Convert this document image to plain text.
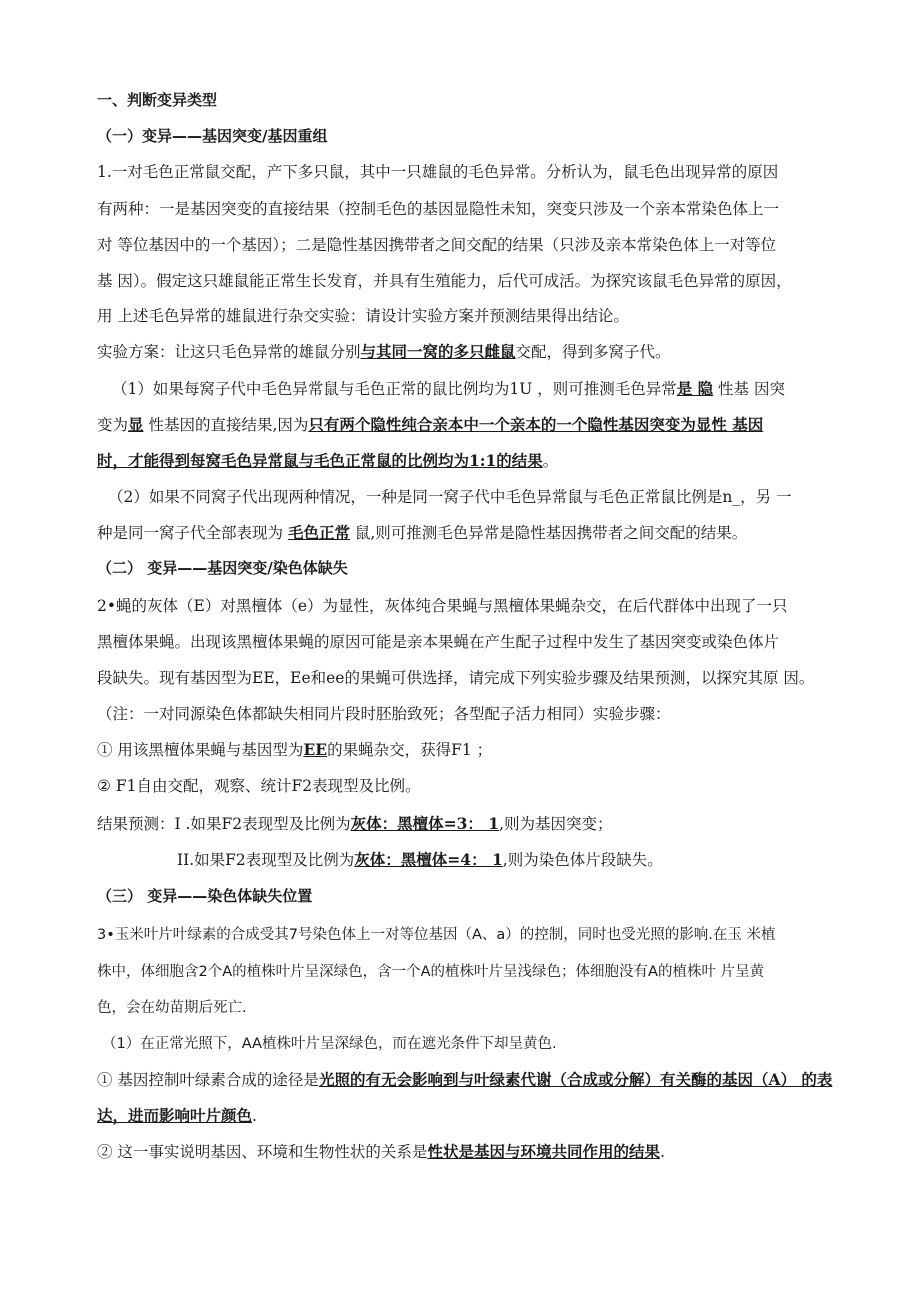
一、判断变异类型
（一）变异——基因突变/基因重组
1.一对毛色正常鼠交配，产下多只鼠，其中一只雄鼠的毛色异常。分析认为，鼠毛色出现异常的原因
有两种：一是基因突变的直接结果（控制毛色的基因显隐性未知，突变只涉及一个亲本常染色体上一
对 等位基因中的一个基因）；二是隐性基因携带者之间交配的结果（只涉及亲本常染色体上一对等位
基 因）。假定这只雄鼠能正常生长发育，并具有生殖能力，后代可成活。为探究该鼠毛色异常的原因，
用 上述毛色异常的雄鼠进行杂交实验：请设计实验方案并预测结果得出结论。
实验方案：让这只毛色异常的雄鼠分别与其同一窝的多只雌鼠交配，得到多窝子代。
（1）如果每窝子代中毛色异常鼠与毛色正常的鼠比例均为1U ，则可推测毛色异常是 隐 性基 因突
变为显 性基因的直接结果,因为只有两个隐性纯合亲本中一个亲本的一个隐性基因突变为显性 基因
时，才能得到每窝毛色异常鼠与毛色正常鼠的比例均为1:1的结果。
（2）如果不同窝子代出现两种情况，一种是同一窝子代中毛色异常鼠与毛色正常鼠比例是n_，另 一
种是同一窝子代全部表现为 毛色正常 鼠,则可推测毛色异常是隐性基因携带者之间交配的结果。
（二） 变异——基因突变/染色体缺失
2•蝇的灰体（E）对黑檀体（e）为显性，灰体纯合果蝇与黑檀体果蝇杂交，在后代群体中出现了一只
黑檀体果蝇。出现该黑檀体果蝇的原因可能是亲本果蝇在产生配子过程中发生了基因突变或染色体片
段缺失。现有基因型为EE，Ee和ee的果蝇可供选择，请完成下列实验步骤及结果预测，以探究其原 因。
（注：一对同源染色体都缺失相同片段时胚胎致死；各型配子活力相同）实验步骤：
① 用该黑檀体果蝇与基因型为EE的果蝇杂交，获得F1 ；
② F1自由交配，观察、统计F2表现型及比例。
结果预测：I .如果F2表现型及比例为灰体：黑檀体=3： 1,则为基因突变；
II.如果F2表现型及比例为灰体：黑檀体=4： 1,则为染色体片段缺失。
（三） 变异——染色体缺失位置
3•玉米叶片叶绿素的合成受其7号染色体上一对等位基因（A、a）的控制，同时也受光照的影响.在玉 米植
株中，体细胞含2个A的植株叶片呈深绿色，含一个A的植株叶片呈浅绿色；体细胞没有A的植株叶 片呈黄
色，会在幼苗期后死亡.
（1）在正常光照下，AA植株叶片呈深绿色，而在遮光条件下却呈黄色.
① 基因控制叶绿素合成的途径是光照的有无会影响到与叶绿素代谢（合成或分解）有关酶的基因（A） 的表
达，进而影响叶片颜色.
② 这一事实说明基因、环境和生物性状的关系是性状是基因与环境共同作用的结果.
